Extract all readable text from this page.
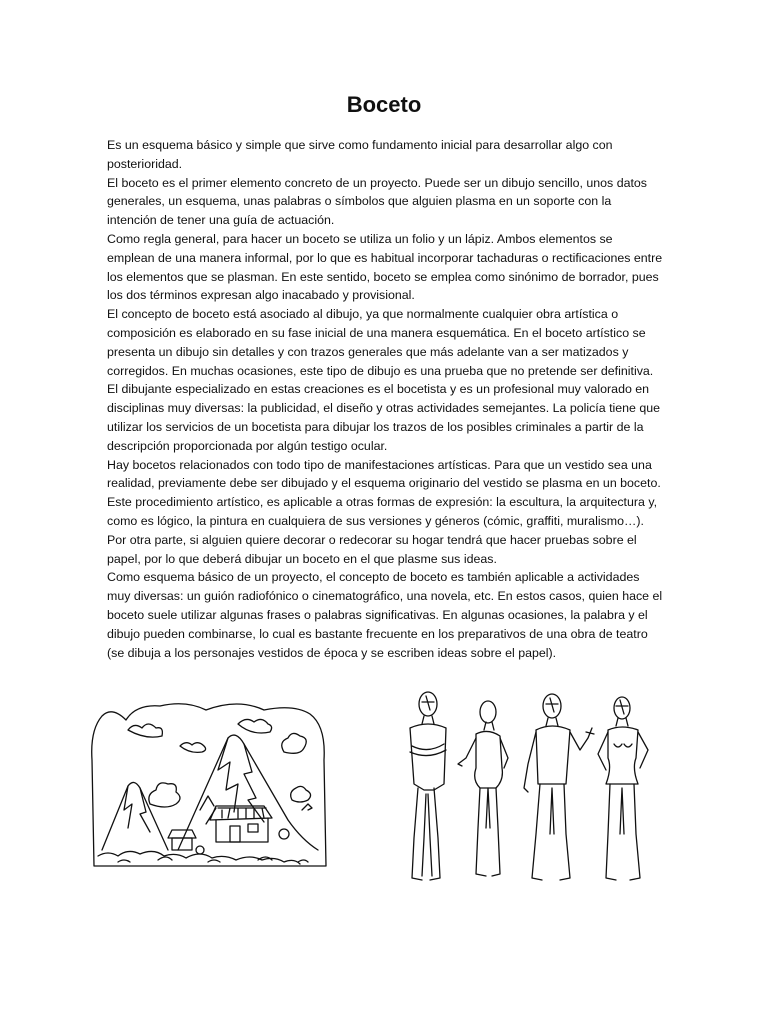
Boceto

Es un esquema básico y simple que sirve como fundamento inicial para desarrollar algo con posterioridad.

El boceto es el primer elemento concreto de un proyecto. Puede ser un dibujo sencillo, unos datos generales, un esquema, unas palabras o símbolos que alguien plasma en un soporte con la intención de tener una guía de actuación.

Como regla general, para hacer un boceto se utiliza un folio y un lápiz. Ambos elementos se emplean de una manera informal, por lo que es habitual incorporar tachaduras o rectificaciones entre los elementos que se plasman. En este sentido, boceto se emplea como sinónimo de borrador, pues los dos términos expresan algo inacabado y provisional.

El concepto de boceto está asociado al dibujo, ya que normalmente cualquier obra artística o composición es elaborado en su fase inicial de una manera esquemática. En el boceto artístico se presenta un dibujo sin detalles y con trazos generales que más adelante van a ser matizados y corregidos. En muchas ocasiones, este tipo de dibujo es una prueba que no pretende ser definitiva.

El dibujante especializado en estas creaciones es el bocetista y es un profesional muy valorado en disciplinas muy diversas: la publicidad, el diseño y otras actividades semejantes. La policía tiene que utilizar los servicios de un bocetista para dibujar los trazos de los posibles criminales a partir de la descripción proporcionada por algún testigo ocular.

Hay bocetos relacionados con todo tipo de manifestaciones artísticas. Para que un vestido sea una realidad, previamente debe ser dibujado y el esquema originario del vestido se plasma en un boceto. Este procedimiento artístico, es aplicable a otras formas de expresión: la escultura, la arquitectura y, como es lógico, la pintura en cualquiera de sus versiones y géneros (cómic, graffiti, muralismo…). Por otra parte, si alguien quiere decorar o redecorar su hogar tendrá que hacer pruebas sobre el papel, por lo que deberá dibujar un boceto en el que plasme sus ideas.

Como esquema básico de un proyecto, el concepto de boceto es también aplicable a actividades muy diversas: un guión radiofónico o cinematográfico, una novela, etc. En estos casos, quien hace el boceto suele utilizar algunas frases o palabras significativas. En algunas ocasiones, la palabra y el dibujo pueden combinarse, lo cual es bastante frecuente en los preparativos de una obra de teatro (se dibuja a los personajes vestidos de época y se escriben ideas sobre el papel).
